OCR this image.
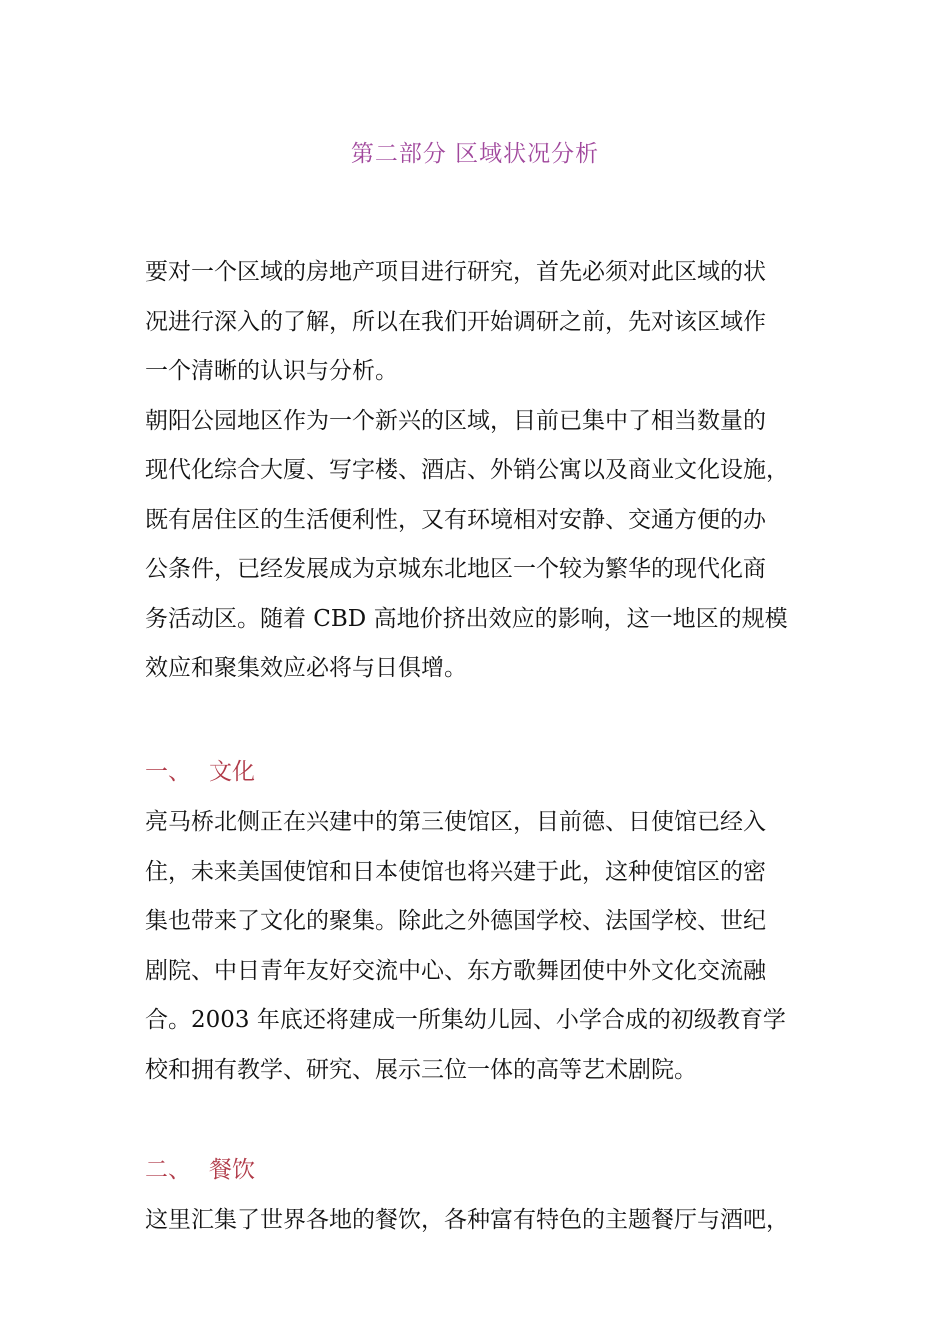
第二部分 区域状况分析
要对一个区域的房地产项目进行研究，首先必须对此区域的状
况进行深入的了解，所以在我们开始调研之前，先对该区域作
一个清晰的认识与分析。
朝阳公园地区作为一个新兴的区域，目前已集中了相当数量的
现代化综合大厦、写字楼、酒店、外销公寓以及商业文化设施，
既有居住区的生活便利性，又有环境相对安静、交通方便的办
公条件，已经发展成为京城东北地区一个较为繁华的现代化商
务活动区。随着 CBD 高地价挤出效应的影响，这一地区的规模
效应和聚集效应必将与日俱增。
一、 文化
亮马桥北侧正在兴建中的第三使馆区，目前德、日使馆已经入
住，未来美国使馆和日本使馆也将兴建于此，这种使馆区的密
集也带来了文化的聚集。除此之外德国学校、法国学校、世纪
剧院、中日青年友好交流中心、东方歌舞团使中外文化交流融
合。2003 年底还将建成一所集幼儿园、小学合成的初级教育学
校和拥有教学、研究、展示三位一体的高等艺术剧院。
二、 餐饮
这里汇集了世界各地的餐饮，各种富有特色的主题餐厅与酒吧，
